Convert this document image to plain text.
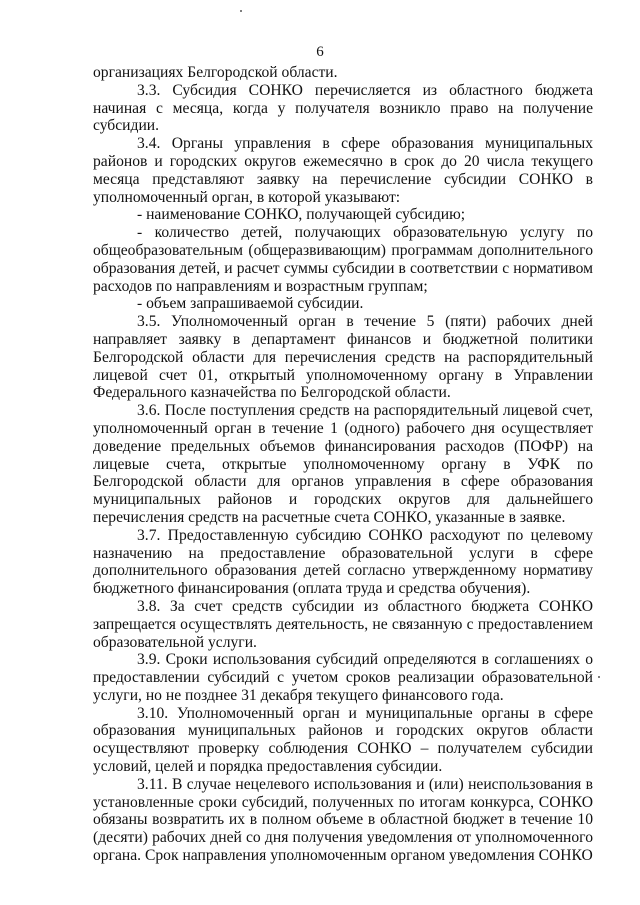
6

организациях Белгородской области.

3.3. Субсидия СОНКО перечисляется из областного бюджета начиная с месяца, когда у получателя возникло право на получение субсидии.

3.4. Органы управления в сфере образования муниципальных районов и городских округов ежемесячно в срок до 20 числа текущего месяца представляют заявку на перечисление субсидии СОНКО в уполномоченный орган, в которой указывают:

- наименование СОНКО, получающей субсидию;

- количество детей, получающих образовательную услугу по общеобразовательным (общеразвивающим) программам дополнительного образования детей, и расчет суммы субсидии в соответствии с нормативом расходов по направлениям и возрастным группам;

- объем запрашиваемой субсидии.

3.5. Уполномоченный орган в течение 5 (пяти) рабочих дней направляет заявку в департамент финансов и бюджетной политики Белгородской области для перечисления средств на распорядительный лицевой счет 01, открытый уполномоченному органу в Управлении Федерального казначейства по Белгородской области.

3.6. После поступления средств на распорядительный лицевой счет, уполномоченный орган в течение 1 (одного) рабочего дня осуществляет доведение предельных объемов финансирования расходов (ПОФР) на лицевые счета, открытые уполномоченному органу в УФК по Белгородской области для органов управления в сфере образования муниципальных районов и городских округов для дальнейшего перечисления средств на расчетные счета СОНКО, указанные в заявке.

3.7. Предоставленную субсидию СОНКО расходуют по целевому назначению на предоставление образовательной услуги в сфере дополнительного образования детей согласно утвержденному нормативу бюджетного финансирования (оплата труда и средства обучения).

3.8. За счет средств субсидии из областного бюджета СОНКО запрещается осуществлять деятельность, не связанную с предоставлением образовательной услуги.

3.9. Сроки использования субсидий определяются в соглашениях о предоставлении субсидий с учетом сроков реализации образовательной услуги, но не позднее 31 декабря текущего финансового года.

3.10. Уполномоченный орган и муниципальные органы в сфере образования муниципальных районов и городских округов области осуществляют проверку соблюдения СОНКО – получателем субсидии условий, целей и порядка предоставления субсидии.

3.11. В случае нецелевого использования и (или) неиспользования в установленные сроки субсидий, полученных по итогам конкурса, СОНКО обязаны возвратить их в полном объеме в областной бюджет в течение 10 (десяти) рабочих дней со дня получения уведомления от уполномоченного органа. Срок направления уполномоченным органом уведомления СОНКО
